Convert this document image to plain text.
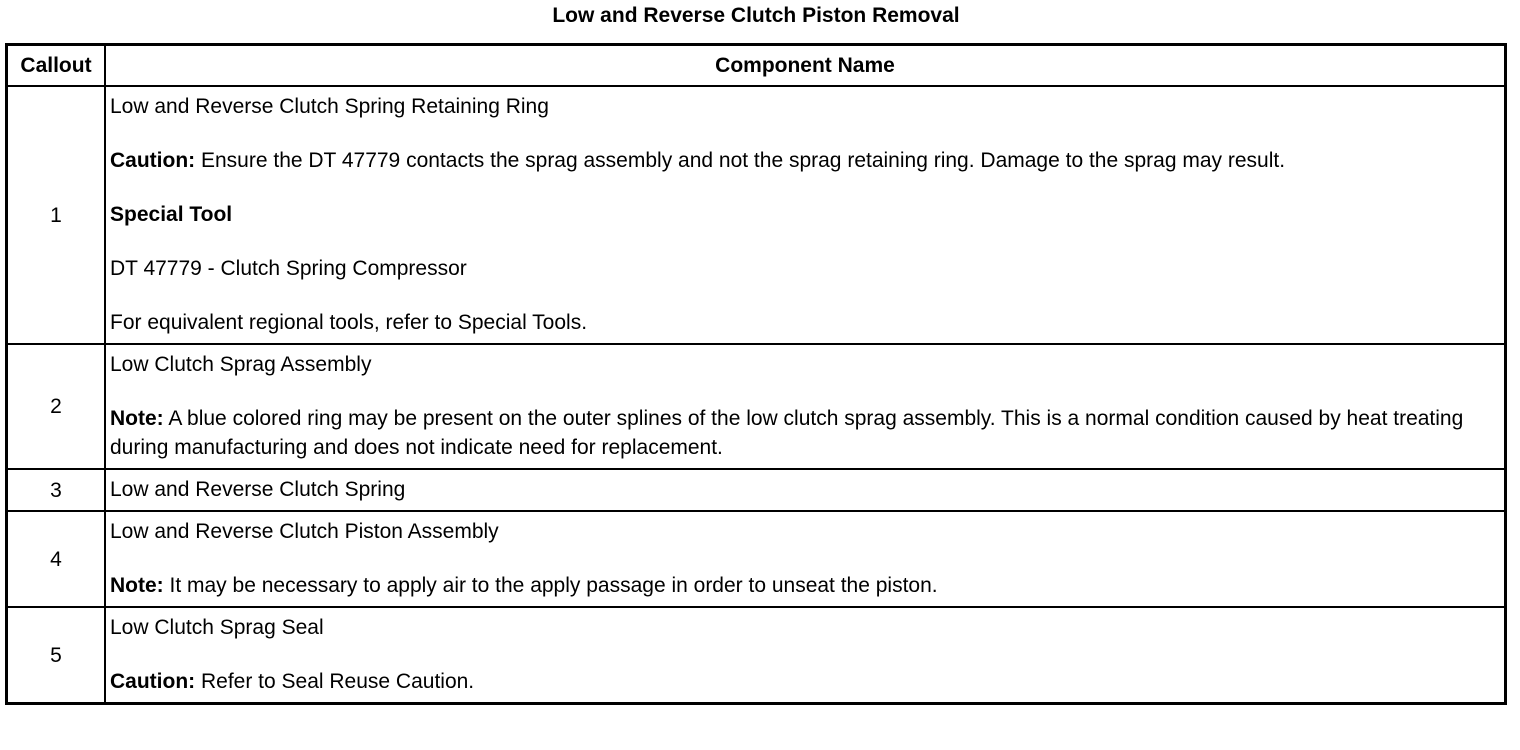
Low and Reverse Clutch Piston Removal
Callout	Component Name
1	Low and Reverse Clutch Spring Retaining Ring

Caution: Ensure the DT 47779 contacts the sprag assembly and not the sprag retaining ring. Damage to the sprag may result.

Special Tool

DT 47779 - Clutch Spring Compressor

For equivalent regional tools, refer to Special Tools.

2	Low Clutch Sprag Assembly

Note: A blue colored ring may be present on the outer splines of the low clutch sprag assembly. This is a normal condition caused by heat treating during manufacturing and does not indicate need for replacement.

3	Low and Reverse Clutch Spring

4	Low and Reverse Clutch Piston Assembly

Note: It may be necessary to apply air to the apply passage in order to unseat the piston.

5	Low Clutch Sprag Seal

Caution: Refer to Seal Reuse Caution.
